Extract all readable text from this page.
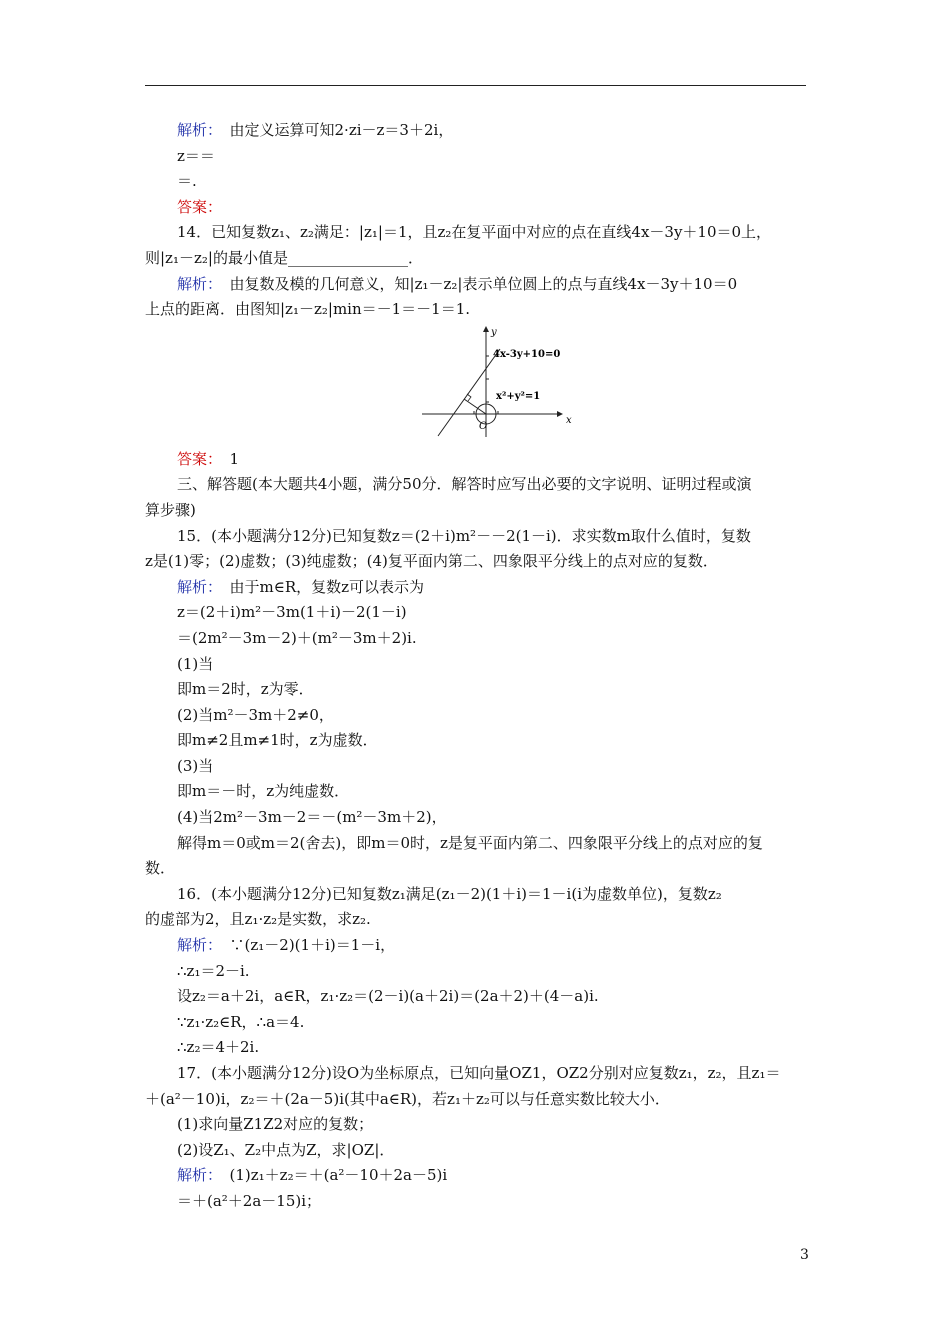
解析：　由定义运算可知2·zi－z＝3＋2i，
z＝＝
＝.
答案：
14．已知复数z₁、z₂满足：|z₁|＝1，且z₂在复平面中对应的点在直线4x－3y＋10＝0上，
则|z₁－z₂|的最小值是________________．
解析：　由复数及模的几何意义，知|z₁－z₂|表示单位圆上的点与直线4x－3y＋10＝0
上点的距离．由图知|z₁－z₂|min＝－1＝－1＝1.
y
4x-3y+10=0
x²+y²=1
O
x
答案：　1
三、解答题(本大题共4小题，满分50分．解答时应写出必要的文字说明、证明过程或演
算步骤)
15．(本小题满分12分)已知复数z＝(2＋i)m²－－2(1－i)．求实数m取什么值时，复数
z是(1)零；(2)虚数；(3)纯虚数；(4)复平面内第二、四象限平分线上的点对应的复数．
解析：　由于m∈R，复数z可以表示为
z＝(2＋i)m²－3m(1＋i)－2(1－i)
＝(2m²－3m－2)＋(m²－3m＋2)i.
(1)当
即m＝2时，z为零．
(2)当m²－3m＋2≠0，
即m≠2且m≠1时，z为虚数．
(3)当
即m＝－时，z为纯虚数．
(4)当2m²－3m－2＝－(m²－3m＋2)，
解得m＝0或m＝2(舍去)，即m＝0时，z是复平面内第二、四象限平分线上的点对应的复
数．
16．(本小题满分12分)已知复数z₁满足(z₁－2)(1＋i)＝1－i(i为虚数单位)，复数z₂
的虚部为2，且z₁·z₂是实数，求z₂.
解析：　∵(z₁－2)(1＋i)＝1－i，
∴z₁＝2－i.
设z₂＝a＋2i，a∈R，z₁·z₂＝(2－i)(a＋2i)＝(2a＋2)＋(4－a)i.
∵z₁·z₂∈R，∴a＝4.
∴z₂＝4＋2i.
17．(本小题满分12分)设O为坐标原点，已知向量OZ1，OZ2分别对应复数z₁，z₂，且z₁＝
＋(a²－10)i，z₂＝＋(2a－5)i(其中a∈R)，若z₁＋z₂可以与任意实数比较大小．
(1)求向量Z1Z2对应的复数；
(2)设Z₁、Z₂中点为Z，求|OZ|．
解析：　(1)z₁＋z₂＝＋(a²－10＋2a－5)i
＝＋(a²＋2a－15)i；
3
